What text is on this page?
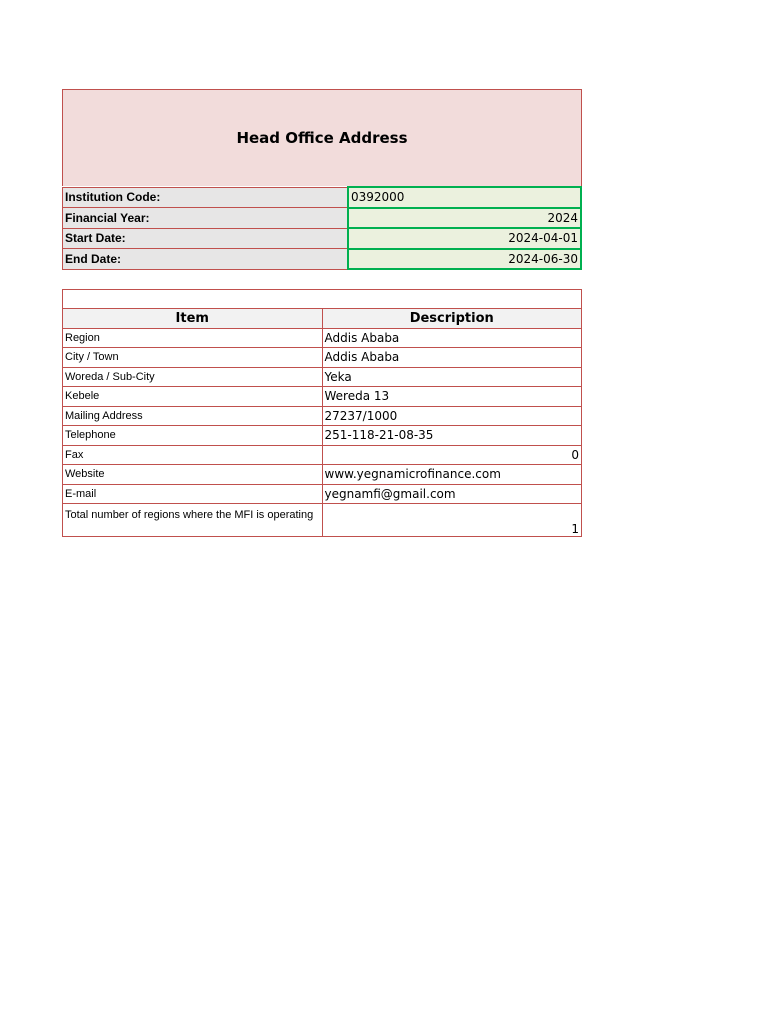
Head Office Address
Institution Code:	0392000
Financial Year:	2024
Start Date:	2024-04-01
End Date:	2024-06-30

Item	Description
Region	Addis Ababa
City / Town	Addis Ababa
Woreda / Sub-City	Yeka
Kebele	Wereda 13
Mailing Address	27237/1000
Telephone	251-118-21-08-35
Fax	0
Website	www.yegnamicrofinance.com
E-mail	yegnamfi@gmail.com
Total number of regions where the MFI is operating	1
